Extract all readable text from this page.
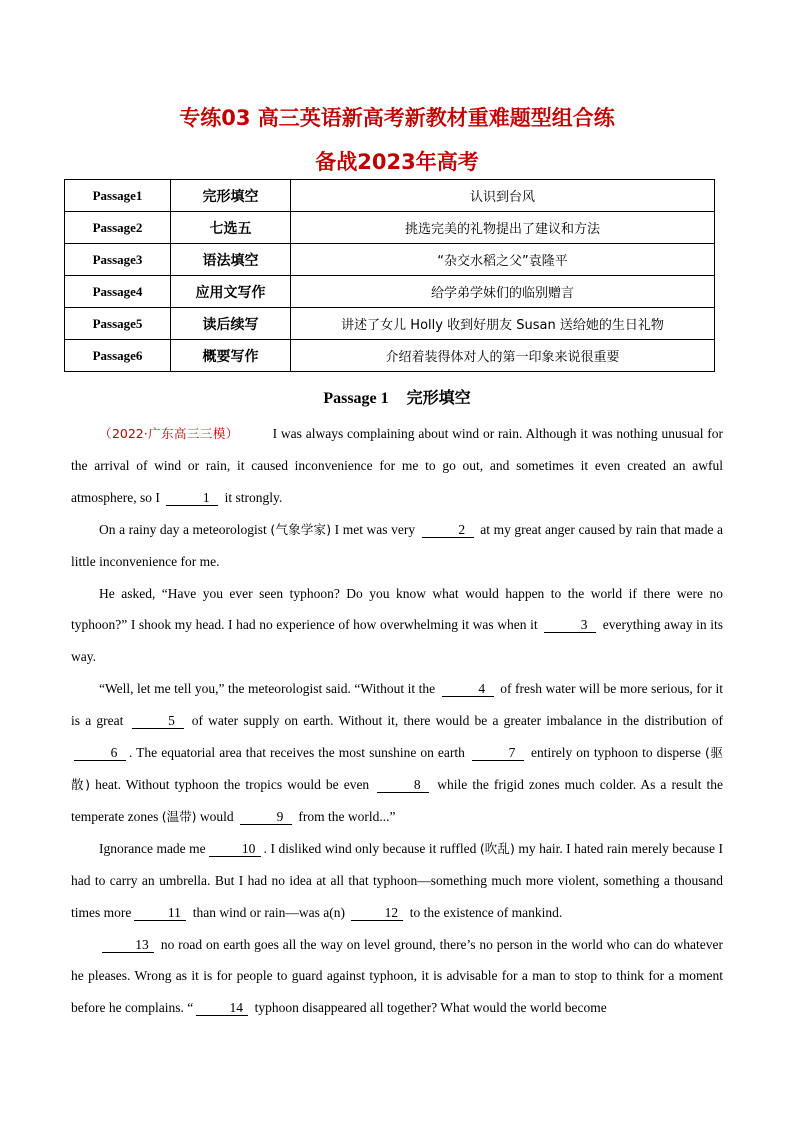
专练03 高三英语新高考新教材重难题型组合练
备战2023年高考
Passage1	完形填空	认识到台风
Passage2	七选五	挑选完美的礼物提出了建议和方法
Passage3	语法填空	“杂交水稻之父”袁隆平
Passage4	应用文写作	给学弟学妹们的临别赠言
Passage5	读后续写	讲述了女儿 Holly 收到好朋友 Susan 送给她的生日礼物
Passage6	概要写作	介绍着装得体对人的第一印象来说很重要
Passage 1 完形填空

（2022·广东高三三模）	I was always complaining about wind or rain. Although it was nothing unusual for the arrival of wind or rain, it caused inconvenience for me to go out, and sometimes it even created an awful atmosphere, so I	1 it strongly.

On a rainy day a meteorologist (气象学家) I met was very	2 at my great anger caused by rain that made a little inconvenience for me.

He asked, “Have you ever seen typhoon? Do you know what would happen to the world if there were no typhoon?” I shook my head. I had no experience of how overwhelming it was when it	3 everything away in its way.

“Well, let me tell you,” the meteorologist said. “Without it the	4 of fresh water will be more serious, for it is a great	5 of water supply on earth. Without it, there would be a greater imbalance in the distribution of 6 . The equatorial area that receives the most sunshine on earth	7 entirely on typhoon to disperse (驱散) heat. Without typhoon the tropics would be even	8 while the frigid zones much colder. As a result the temperate zones (温带) would	9 from the world...”

Ignorance made me	10 . I disliked wind only because it ruffled (吹乱) my hair. I hated rain merely because I had to carry an umbrella. But I had no idea at all that typhoon—something much more violent, something a thousand times more	11 than wind or rain—was a(n)	12 to the existence of mankind.

13 no road on earth goes all the way on level ground, there’s no person in the world who can do whatever he pleases. Wrong as it is for people to guard against typhoon, it is advisable for a man to stop to think for a moment before he complains. “	14 typhoon disappeared all together? What would the world become
